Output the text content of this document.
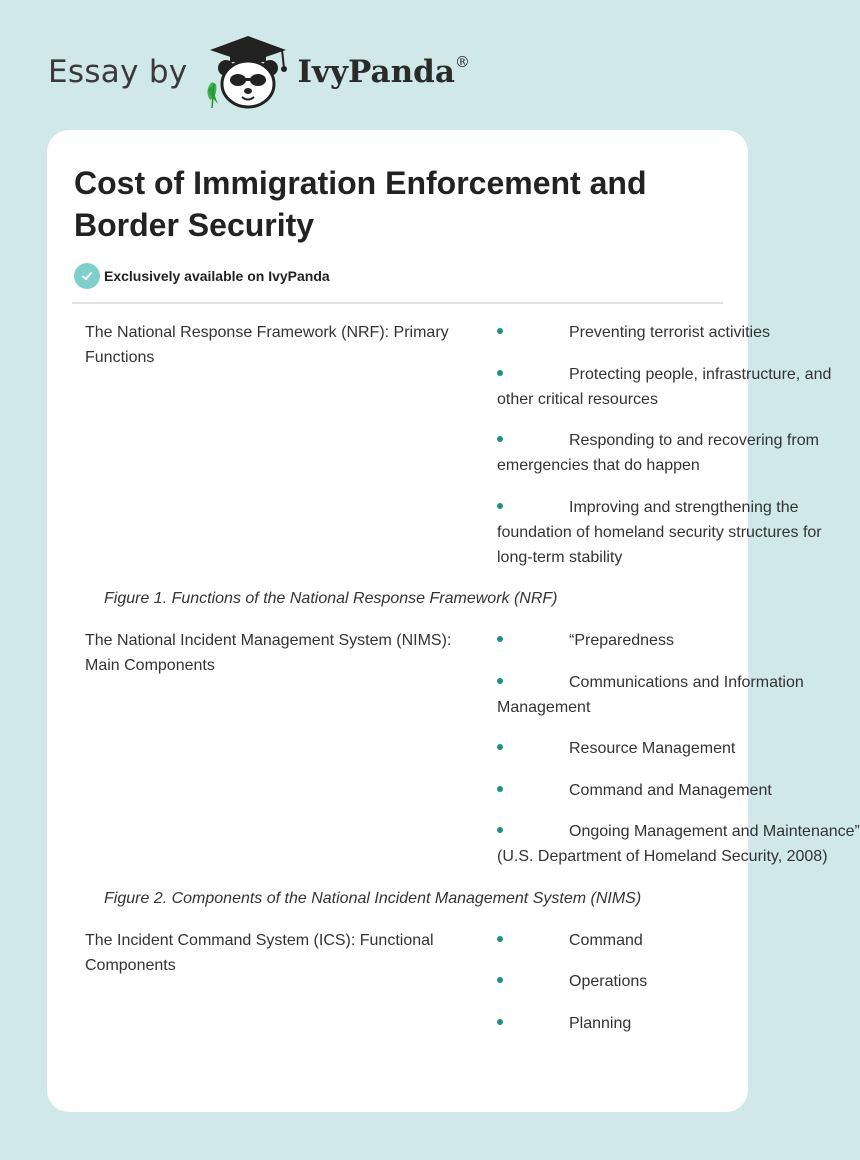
Essay by	IvyPanda®
Cost of Immigration Enforcement and Border Security
Exclusively available on IvyPanda
The National Response Framework (NRF): Primary Functions
Preventing terrorist activities
Protecting people, infrastructure, and
other critical resources
Responding to and recovering from
emergencies that do happen
Improving and strengthening the
foundation of homeland security structures for
long-term stability
Figure 1. Functions of the National Response Framework (NRF)
The National Incident Management System (NIMS): Main Components
“Preparedness
Communications and Information
Management
Resource Management
Command and Management
Ongoing Management and Maintenance”
(U.S. Department of Homeland Security, 2008)
Figure 2. Components of the National Incident Management System (NIMS)
The Incident Command System (ICS): Functional Components
Command
Operations
Planning
